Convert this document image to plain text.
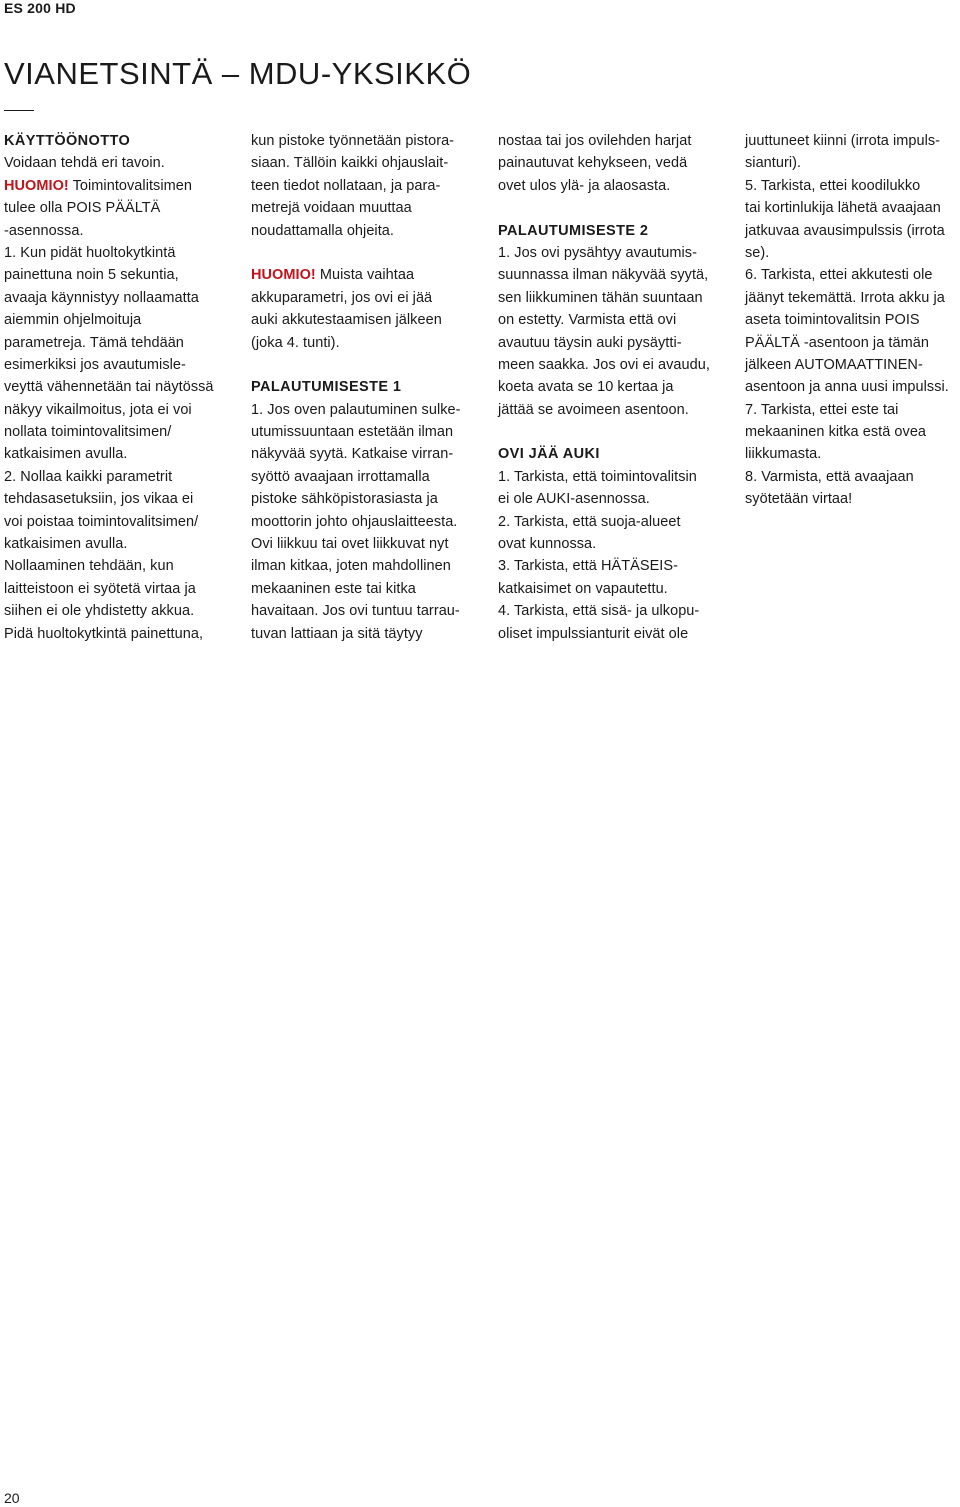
ES 200 HD
VIANETSINTÄ – MDU-YKSIKKÖ
KÄYTTÖÖNOTTO
Voidaan tehdä eri tavoin.
HUOMIO! Toimintovalitsimen
tulee olla POIS PÄÄLTÄ
-asennossa.
1. Kun pidät huoltokytkintä
painettuna noin 5 sekuntia,
avaaja käynnistyy nollaamatta
aiemmin ohjelmoituja
parametreja. Tämä tehdään
esimerkiksi jos avautumisle-
veyttä vähennetään tai näytössä
näkyy vikailmoitus, jota ei voi
nollata toimintovalitsimen/
katkaisimen avulla.
2. Nollaa kaikki parametrit
tehdasasetuksiin, jos vikaa ei
voi poistaa toimintovalitsimen/
katkaisimen avulla.
Nollaaminen tehdään, kun
laitteistoon ei syötetä virtaa ja
siihen ei ole yhdistetty akkua.
Pidä huoltokytkintä painettuna,
kun pistoke työnnetään pistora-
siaan. Tällöin kaikki ohjauslait-
teen tiedot nollataan, ja para-
metrejä voidaan muuttaa
noudattamalla ohjeita.
HUOMIO! Muista vaihtaa
akkuparametri, jos ovi ei jää
auki akkutestaamisen jälkeen
(joka 4. tunti).
PALAUTUMISESTE 1
1. Jos oven palautuminen sulke-
utumissuuntaan estetään ilman
näkyvää syytä. Katkaise virran-
syöttö avaajaan irrottamalla
pistoke sähköpistorasiasta ja
moottorin johto ohjauslaitteesta.
Ovi liikkuu tai ovet liikkuvat nyt
ilman kitkaa, joten mahdollinen
mekaaninen este tai kitka
havaitaan. Jos ovi tuntuu tarrau-
tuvan lattiaan ja sitä täytyy
nostaa tai jos ovilehden harjat
painautuvat kehykseen, vedä
ovet ulos ylä- ja alaosasta.
PALAUTUMISESTE 2
1. Jos ovi pysähtyy avautumis-
suunnassa ilman näkyvää syytä,
sen liikkuminen tähän suuntaan
on estetty. Varmista että ovi
avautuu täysin auki pysäytti-
meen saakka. Jos ovi ei avaudu,
koeta avata se 10 kertaa ja
jättää se avoimeen asentoon.
OVI JÄÄ AUKI
1. Tarkista, että toimintovalitsin
ei ole AUKI-asennossa.
2. Tarkista, että suoja-alueet
ovat kunnossa.
3. Tarkista, että HÄTÄSEIS-
katkaisimet on vapautettu.
4. Tarkista, että sisä- ja ulkopu-
oliset impulssianturit eivät ole
juuttuneet kiinni (irrota impuls-
sianturi).
5. Tarkista, ettei koodilukko
tai kortinlukija lähetä avaajaan
jatkuvaa avausimpulssis (irrota
se).
6. Tarkista, ettei akkutesti ole
jäänyt tekemättä. Irrota akku ja
aseta toimintovalitsin POIS
PÄÄLTÄ -asentoon ja tämän
jälkeen AUTOMAATTINEN-
asentoon ja anna uusi impulssi.
7. Tarkista, ettei este tai
mekaaninen kitka estä ovea
liikkumasta.
8. Varmista, että avaajaan
syötetään virtaa!
20
